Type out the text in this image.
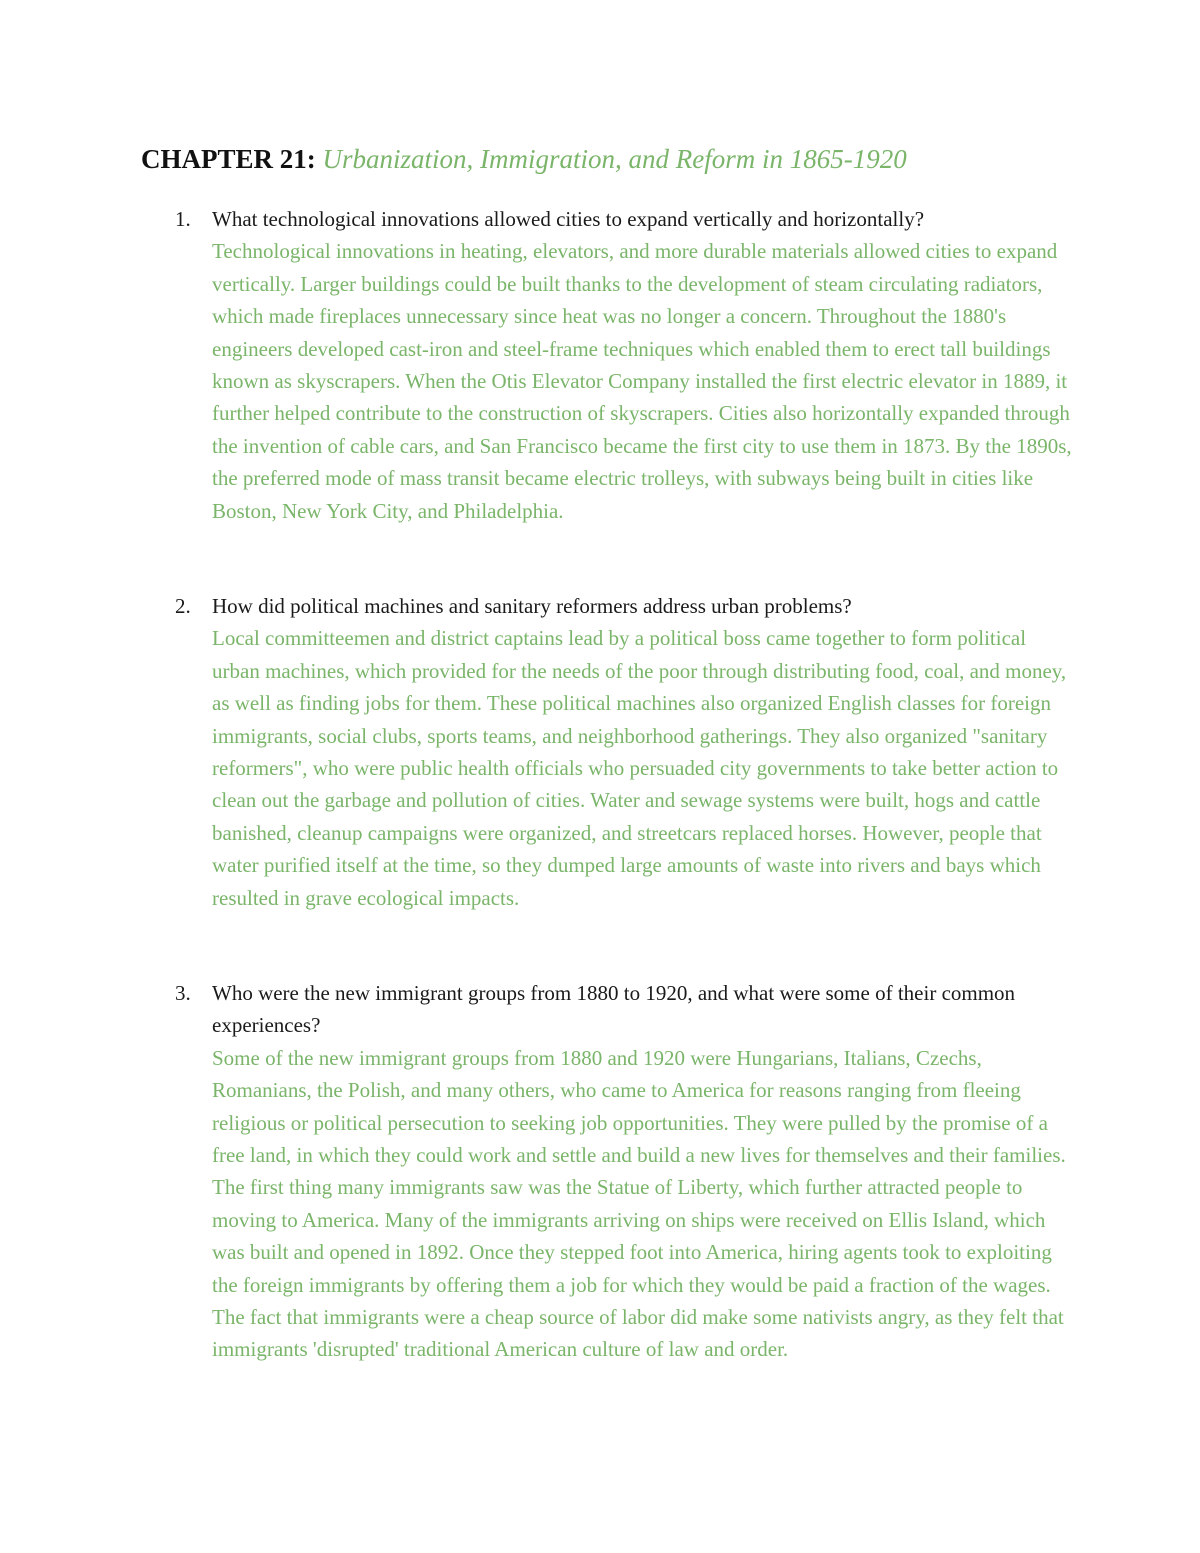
CHAPTER 21: Urbanization, Immigration, and Reform in 1865-1920
1.	What technological innovations allowed cities to expand vertically and horizontally?
Technological innovations in heating, elevators, and more durable materials allowed cities to expand vertically. Larger buildings could be built thanks to the development of steam circulating radiators, which made fireplaces unnecessary since heat was no longer a concern. Throughout the 1880's engineers developed cast-iron and steel-frame techniques which enabled them to erect tall buildings known as skyscrapers. When the Otis Elevator Company installed the first electric elevator in 1889, it further helped contribute to the construction of skyscrapers. Cities also horizontally expanded through the invention of cable cars, and San Francisco became the first city to use them in 1873. By the 1890s, the preferred mode of mass transit became electric trolleys, with subways being built in cities like Boston, New York City, and Philadelphia.
2.	How did political machines and sanitary reformers address urban problems?
Local committeemen and district captains lead by a political boss came together to form political urban machines, which provided for the needs of the poor through distributing food, coal, and money, as well as finding jobs for them. These political machines also organized English classes for foreign immigrants, social clubs, sports teams, and neighborhood gatherings. They also organized "sanitary reformers", who were public health officials who persuaded city governments to take better action to clean out the garbage and pollution of cities. Water and sewage systems were built, hogs and cattle banished, cleanup campaigns were organized, and streetcars replaced horses. However, people that water purified itself at the time, so they dumped large amounts of waste into rivers and bays which resulted in grave ecological impacts.
3.	Who were the new immigrant groups from 1880 to 1920, and what were some of their common experiences?
Some of the new immigrant groups from 1880 and 1920 were Hungarians, Italians, Czechs, Romanians, the Polish, and many others, who came to America for reasons ranging from fleeing religious or political persecution to seeking job opportunities. They were pulled by the promise of a free land, in which they could work and settle and build a new lives for themselves and their families. The first thing many immigrants saw was the Statue of Liberty, which further attracted people to moving to America. Many of the immigrants arriving on ships were received on Ellis Island, which was built and opened in 1892. Once they stepped foot into America, hiring agents took to exploiting the foreign immigrants by offering them a job for which they would be paid a fraction of the wages. The fact that immigrants were a cheap source of labor did make some nativists angry, as they felt that immigrants 'disrupted' traditional American culture of law and order.
